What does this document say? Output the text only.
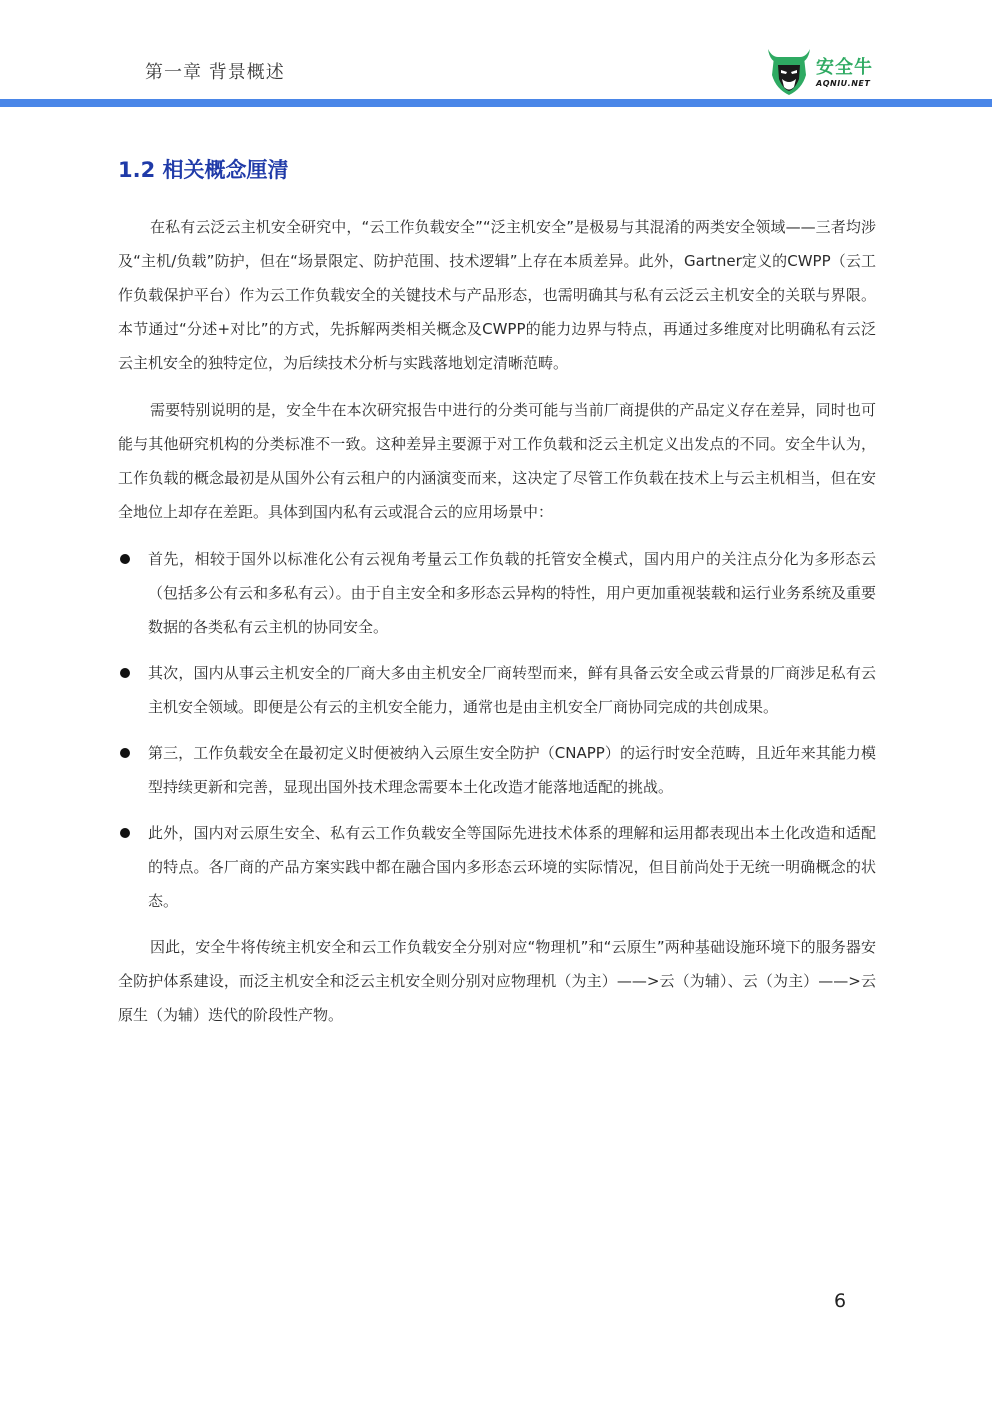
第一章 背景概述	安全牛
AQNIU.NET
1.2 相关概念厘清

在私有云泛云主机安全研究中，“云工作负载安全”“泛主机安全”是极易与其混淆的两类安全领域——三者均涉及“主机/负载”防护，但在“场景限定、防护范围、技术逻辑”上存在本质差异。此外，Gartner定义的CWPP（云工作负载保护平台）作为云工作负载安全的关键技术与产品形态，也需明确其与私有云泛云主机安全的关联与界限。本节通过“分述+对比”的方式，先拆解两类相关概念及CWPP的能力边界与特点，再通过多维度对比明确私有云泛云主机安全的独特定位，为后续技术分析与实践落地划定清晰范畴。

需要特别说明的是，安全牛在本次研究报告中进行的分类可能与当前厂商提供的产品定义存在差异，同时也可能与其他研究机构的分类标准不一致。这种差异主要源于对工作负载和泛云主机定义出发点的不同。安全牛认为，工作负载的概念最初是从国外公有云租户的内涵演变而来，这决定了尽管工作负载在技术上与云主机相当，但在安全地位上却存在差距。具体到国内私有云或混合云的应用场景中：

首先，相较于国外以标准化公有云视角考量云工作负载的托管安全模式，国内用户的关注点分化为多形态云（包括多公有云和多私有云）。由于自主安全和多形态云异构的特性，用户更加重视装载和运行业务系统及重要数据的各类私有云主机的协同安全。
其次，国内从事云主机安全的厂商大多由主机安全厂商转型而来，鲜有具备云安全或云背景的厂商涉足私有云主机安全领域。即便是公有云的主机安全能力，通常也是由主机安全厂商协同完成的共创成果。
第三，工作负载安全在最初定义时便被纳入云原生安全防护（CNAPP）的运行时安全范畴，且近年来其能力模型持续更新和完善，显现出国外技术理念需要本土化改造才能落地适配的挑战。
此外，国内对云原生安全、私有云工作负载安全等国际先进技术体系的理解和运用都表现出本土化改造和适配的特点。各厂商的产品方案实践中都在融合国内多形态云环境的实际情况，但目前尚处于无统一明确概念的状态。

因此，安全牛将传统主机安全和云工作负载安全分别对应“物理机”和“云原生”两种基础设施环境下的服务器安全防护体系建设，而泛主机安全和泛云主机安全则分别对应物理机（为主）——>云（为辅）、云（为主）——>云原生（为辅）迭代的阶段性产物。

6
